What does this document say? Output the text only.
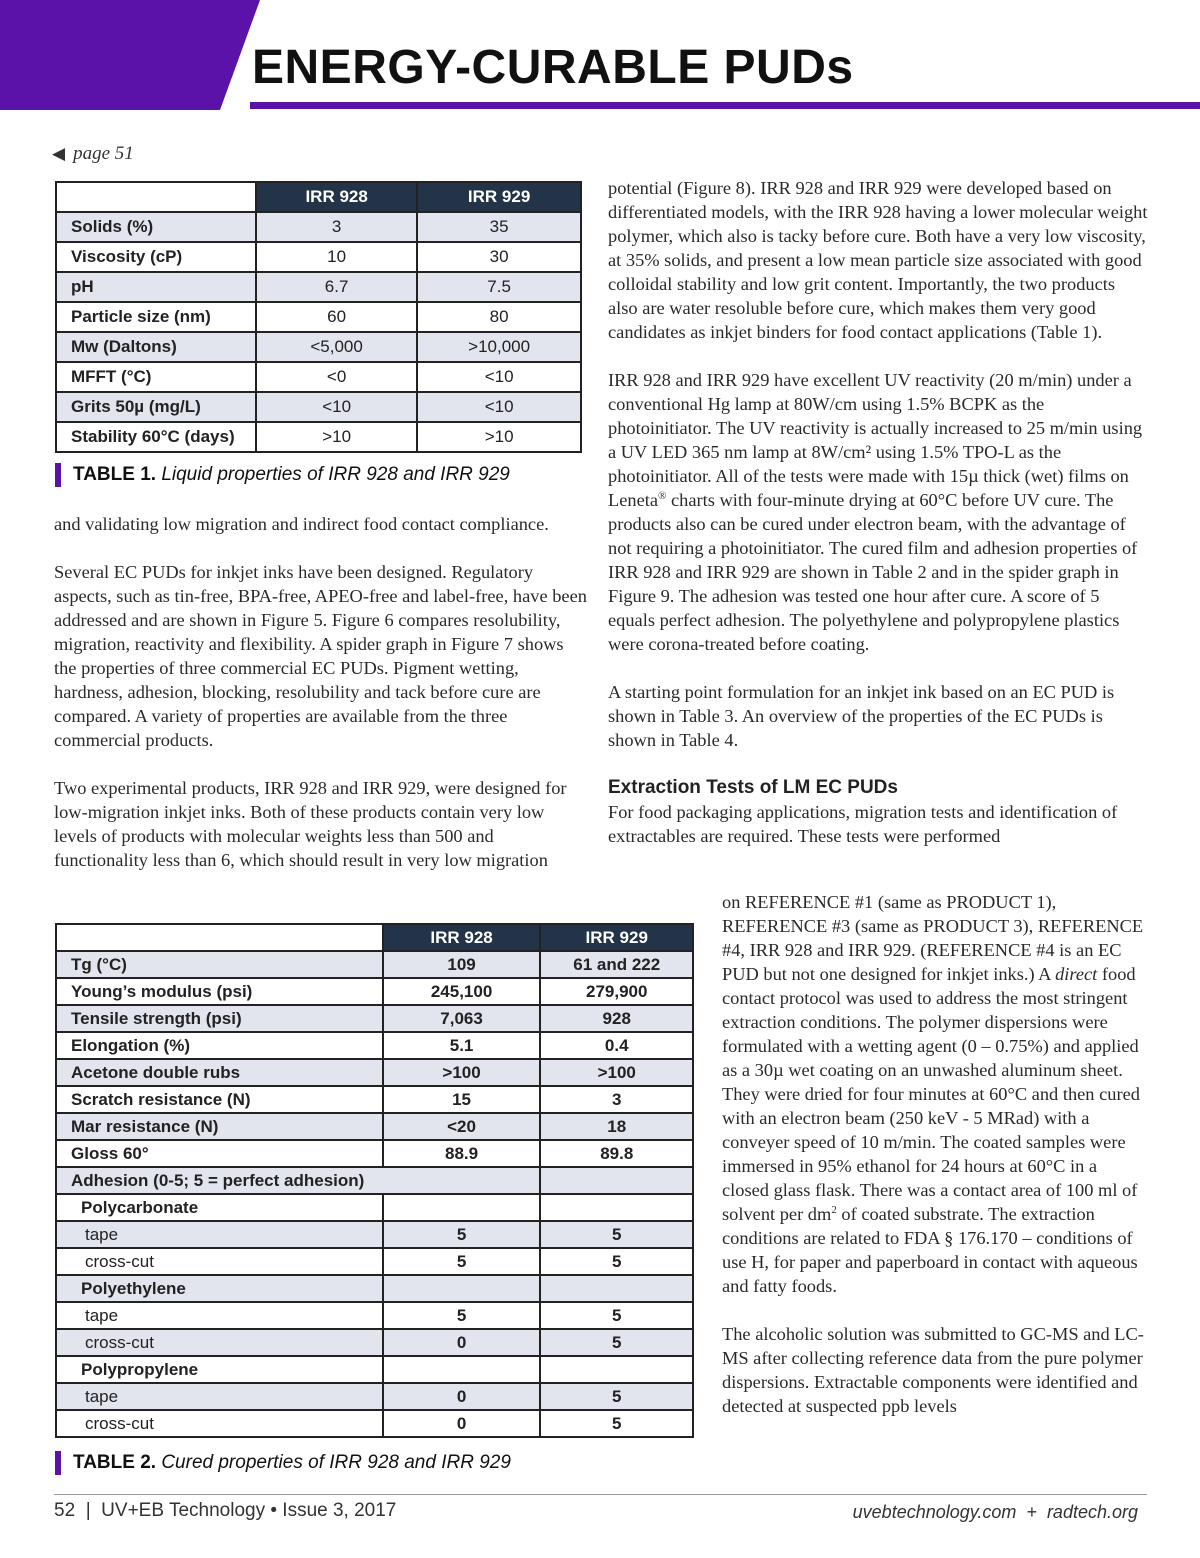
ENERGY-CURABLE PUDs
◀ page 51
	IRR 928	IRR 929
Solids (%)	3	35
Viscosity (cP)	10	30
pH	6.7	7.5
Particle size (nm)	60	80
Mw (Daltons)	<5,000	>10,000
MFFT (°C)	<0	<10
Grits 50µ (mg/L)	<10	<10
Stability 60°C (days)	>10	>10
TABLE 1. Liquid properties of IRR 928 and IRR 929

and validating low migration and indirect food contact compliance.

Several EC PUDs for inkjet inks have been designed. Regulatory aspects, such as tin-free, BPA-free, APEO-free and label-free, have been addressed and are shown in Figure 5. Figure 6 compares resolubility, migration, reactivity and flexibility. A spider graph in Figure 7 shows the properties of three commercial EC PUDs. Pigment wetting, hardness, adhesion, blocking, resolubility and tack before cure are compared. A variety of properties are available from the three commercial products.

Two experimental products, IRR 928 and IRR 929, were designed for low-migration inkjet inks. Both of these products contain very low levels of products with molecular weights less than 500 and functionality less than 6, which should result in very low migration

potential (Figure 8). IRR 928 and IRR 929 were developed based on differentiated models, with the IRR 928 having a lower molecular weight polymer, which also is tacky before cure. Both have a very low viscosity, at 35% solids, and present a low mean particle size associated with good colloidal stability and low grit content. Importantly, the two products also are water resoluble before cure, which makes them very good candidates as inkjet binders for food contact applications (Table 1).

IRR 928 and IRR 929 have excellent UV reactivity (20 m/min) under a conventional Hg lamp at 80W/cm using 1.5% BCPK as the photoinitiator. The UV reactivity is actually increased to 25 m/min using a UV LED 365 nm lamp at 8W/cm² using 1.5% TPO-L as the photoinitiator. All of the tests were made with 15µ thick (wet) films on Leneta® charts with four-minute drying at 60°C before UV cure. The products also can be cured under electron beam, with the advantage of not requiring a photoinitiator. The cured film and adhesion properties of IRR 928 and IRR 929 are shown in Table 2 and in the spider graph in Figure 9. The adhesion was tested one hour after cure. A score of 5 equals perfect adhesion. The polyethylene and polypropylene plastics were corona-treated before coating.

A starting point formulation for an inkjet ink based on an EC PUD is shown in Table 3. An overview of the properties of the EC PUDs is shown in Table 4.

Extraction Tests of LM EC PUDs
For food packaging applications, migration tests and identification of extractables are required. These tests were performed

on REFERENCE #1 (same as PRODUCT 1), REFERENCE #3 (same as PRODUCT 3), REFERENCE #4, IRR 928 and IRR 929. (REFERENCE #4 is an EC PUD but not one designed for inkjet inks.) A direct food contact protocol was used to address the most stringent extraction conditions. The polymer dispersions were formulated with a wetting agent (0 – 0.75%) and applied as a 30µ wet coating on an unwashed aluminum sheet. They were dried for four minutes at 60°C and then cured with an electron beam (250 keV - 5 MRad) with a conveyer speed of 10 m/min. The coated samples were immersed in 95% ethanol for 24 hours at 60°C in a closed glass flask. There was a contact area of 100 ml of solvent per $dm^2$ of coated substrate. The extraction conditions are related to FDA § 176.170 – conditions of use H, for paper and paperboard in contact with aqueous and fatty foods.

The alcoholic solution was submitted to GC-MS and LC-MS after collecting reference data from the pure polymer dispersions. Extractable components were identified and detected at suspected ppb levels

	IRR 928	IRR 929
Tg (°C)	109	61 and 222
Young’s modulus (psi)	245,100	279,900
Tensile strength (psi)	7,063	928
Elongation (%)	5.1	0.4
Acetone double rubs	>100	>100
Scratch resistance (N)	15	3
Mar resistance (N)	<20	18
Gloss 60°	88.9	89.8
Adhesion (0-5; 5 = perfect adhesion)		
Polycarbonate		
tape	5	5
cross-cut	5	5
Polyethylene		
tape	5	5
cross-cut	0	5
Polypropylene		
tape	0	5
cross-cut	0	5
TABLE 2. Cured properties of IRR 928 and IRR 929
52  |  UV+EB Technology • Issue 3, 2017	uvebtechnology.com  +  radtech.org
